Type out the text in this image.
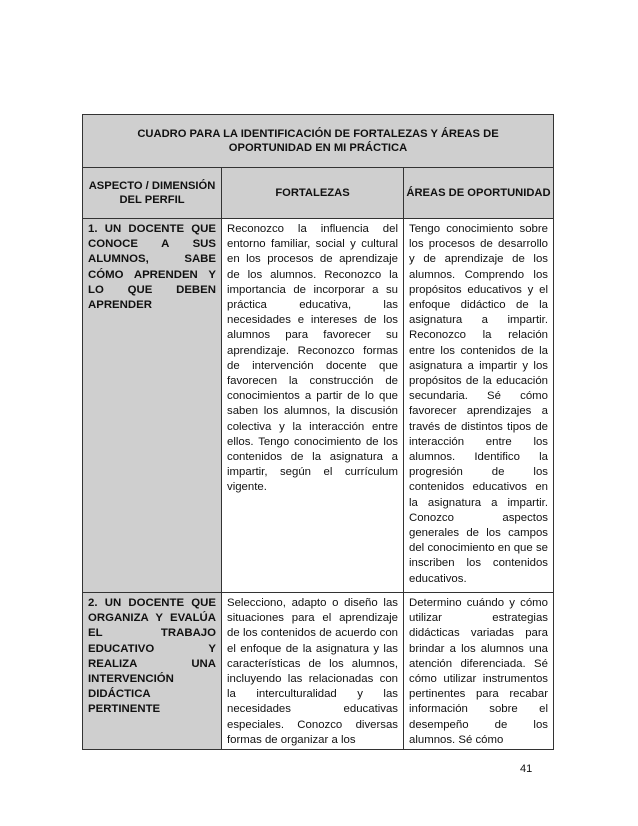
CUADRO PARA LA IDENTIFICACIÓN DE FORTALEZAS Y ÁREAS DE OPORTUNIDAD EN MI PRÁCTICA
ASPECTO / DIMENSIÓN DEL PERFIL
FORTALEZAS	ÁREAS DE OPORTUNIDAD
1. UN DOCENTE QUE CONOCE A SUS ALUMNOS, SABE CÓMO APRENDEN Y LO QUE DEBEN APRENDER
Reconozco la influencia del entorno familiar, social y cultural en los procesos de aprendizaje de los alumnos. Reconozco la importancia de incorporar a su práctica educativa, las necesidades e intereses de los alumnos para favorecer su aprendizaje. Reconozco formas de intervención docente que favorecen la construcción de conocimientos a partir de lo que saben los alumnos, la discusión colectiva y la interacción entre ellos. Tengo conocimiento de los contenidos de la asignatura a impartir, según el currículum vigente.
Tengo conocimiento sobre los procesos de desarrollo y de aprendizaje de los alumnos. Comprendo los propósitos educativos y el enfoque didáctico de la asignatura a impartir. Reconozco la relación entre los contenidos de la asignatura a impartir y los propósitos de la educación secundaria. Sé cómo favorecer aprendizajes a través de distintos tipos de interacción entre los alumnos. Identifico la progresión de los contenidos educativos en la asignatura a impartir. Conozco aspectos generales de los campos del conocimiento en que se inscriben los contenidos educativos.
2. UN DOCENTE QUE ORGANIZA Y EVALÚA EL TRABAJO EDUCATIVO Y REALIZA UNA INTERVENCIÓN DIDÁCTICA PERTINENTE
Selecciono, adapto o diseño las situaciones para el aprendizaje de los contenidos de acuerdo con el enfoque de la asignatura y las características de los alumnos, incluyendo las relacionadas con la interculturalidad y las necesidades educativas especiales. Conozco diversas formas de organizar a los
Determino cuándo y cómo utilizar estrategias didácticas variadas para brindar a los alumnos una atención diferenciada. Sé cómo utilizar instrumentos pertinentes para recabar información sobre el desempeño de los alumnos. Sé cómo
41
